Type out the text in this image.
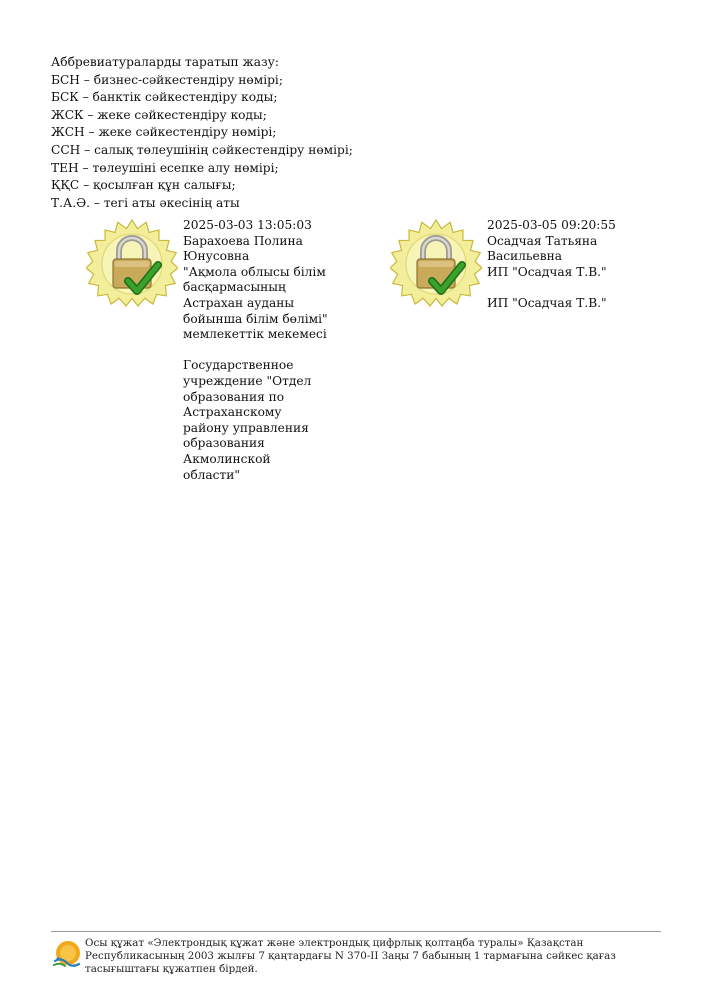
Аббревиатураларды таратып жазу:
БСН – бизнес-сәйкестендіру нөмірі;
БСК – банктік сәйкестендіру коды;
ЖСК – жеке сәйкестендіру коды;
ЖСН – жеке сәйкестендіру нөмірі;
ССН – салық төлеушінің сәйкестендіру нөмірі;
ТЕН – төлеушіні есепке алу нөмірі;
ҚҚС – қосылған құн салығы;
Т.А.Ә. – тегі аты әкесінің аты
2025-03-03 13:05:03
Барахоева Полина Юнусовна
"Ақмола облысы білім басқармасының Астрахан ауданы бойынша білім бөлімі" мемлекеттік мекемесі
Государственное учреждение "Отдел образования по Астраханскому району управления образования Акмолинской области"
2025-03-05 09:20:55
Осадчая Татьяна Васильевна
ИП "Осадчая Т.В."
ИП "Осадчая Т.В."
Осы құжат «Электрондық құжат және электрондық цифрлық қолтаңба туралы» Қазақстан Республикасының 2003 жылғы 7 қаңтардағы N 370-II Заңы 7 бабының 1 тармағына сәйкес қағаз тасығыштағы құжатпен бірдей.
